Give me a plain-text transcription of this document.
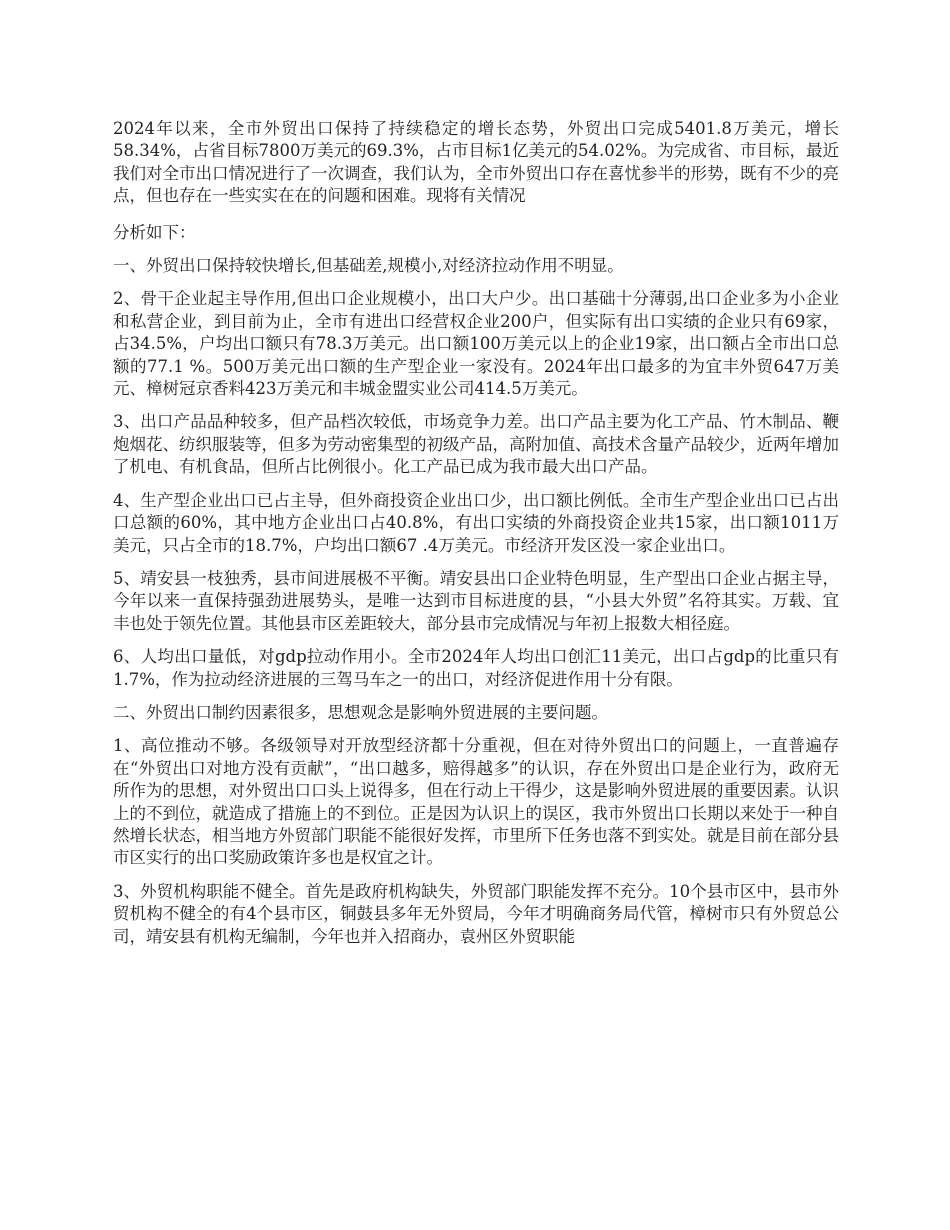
2024年以来，全市外贸出口保持了持续稳定的增长态势，外贸出口完成5401.8万美元，增长58.34%，占省目标7800万美元的69.3%，占市目标1亿美元的54.02%。为完成省、市目标，最近我们对全市出口情况进行了一次调查，我们认为，全市外贸出口存在喜忧参半的形势，既有不少的亮点，但也存在一些实实在在的问题和困难。现将有关情况

分析如下：

一、外贸出口保持较快增长,但基础差,规模小,对经济拉动作用不明显。

2、骨干企业起主导作用,但出口企业规模小，出口大户少。出口基础十分薄弱,出口企业多为小企业和私营企业，到目前为止，全市有进出口经营权企业200户，但实际有出口实绩的企业只有69家，占34.5%，户均出口额只有78.3万美元。出口额100万美元以上的企业19家，出口额占全市出口总额的77.1 %。500万美元出口额的生产型企业一家没有。2024年出口最多的为宜丰外贸647万美元、樟树冠京香料423万美元和丰城金盟实业公司414.5万美元。

3、出口产品品种较多，但产品档次较低，市场竞争力差。出口产品主要为化工产品、竹木制品、鞭炮烟花、纺织服装等，但多为劳动密集型的初级产品，高附加值、高技术含量产品较少，近两年增加了机电、有机食品，但所占比例很小。化工产品已成为我市最大出口产品。

4、生产型企业出口已占主导，但外商投资企业出口少，出口额比例低。全市生产型企业出口已占出口总额的60%，其中地方企业出口占40.8%，有出口实绩的外商投资企业共15家，出口额1011万美元，只占全市的18.7%，户均出口额67 .4万美元。市经济开发区没一家企业出口。

5、靖安县一枝独秀，县市间进展极不平衡。靖安县出口企业特色明显，生产型出口企业占据主导，今年以来一直保持强劲进展势头，是唯一达到市目标进度的县，“小县大外贸”名符其实。万载、宜丰也处于领先位置。其他县市区差距较大，部分县市完成情况与年初上报数大相径庭。

6、人均出口量低，对gdp拉动作用小。全市2024年人均出口创汇11美元，出口占gdp的比重只有1.7%，作为拉动经济进展的三驾马车之一的出口，对经济促进作用十分有限。

二、外贸出口制约因素很多，思想观念是影响外贸进展的主要问题。

1、高位推动不够。各级领导对开放型经济都十分重视，但在对待外贸出口的问题上，一直普遍存在“外贸出口对地方没有贡献”，“出口越多，赔得越多”的认识，存在外贸出口是企业行为，政府无所作为的思想，对外贸出口口头上说得多，但在行动上干得少，这是影响外贸进展的重要因素。认识上的不到位，就造成了措施上的不到位。正是因为认识上的误区，我市外贸出口长期以来处于一种自然增长状态，相当地方外贸部门职能不能很好发挥，市里所下任务也落不到实处。就是目前在部分县市区实行的出口奖励政策许多也是权宜之计。

3、外贸机构职能不健全。首先是政府机构缺失，外贸部门职能发挥不充分。10个县市区中，县市外贸机构不健全的有4个县市区，铜鼓县多年无外贸局，今年才明确商务局代管，樟树市只有外贸总公司，靖安县有机构无编制，今年也并入招商办，袁州区外贸职能
